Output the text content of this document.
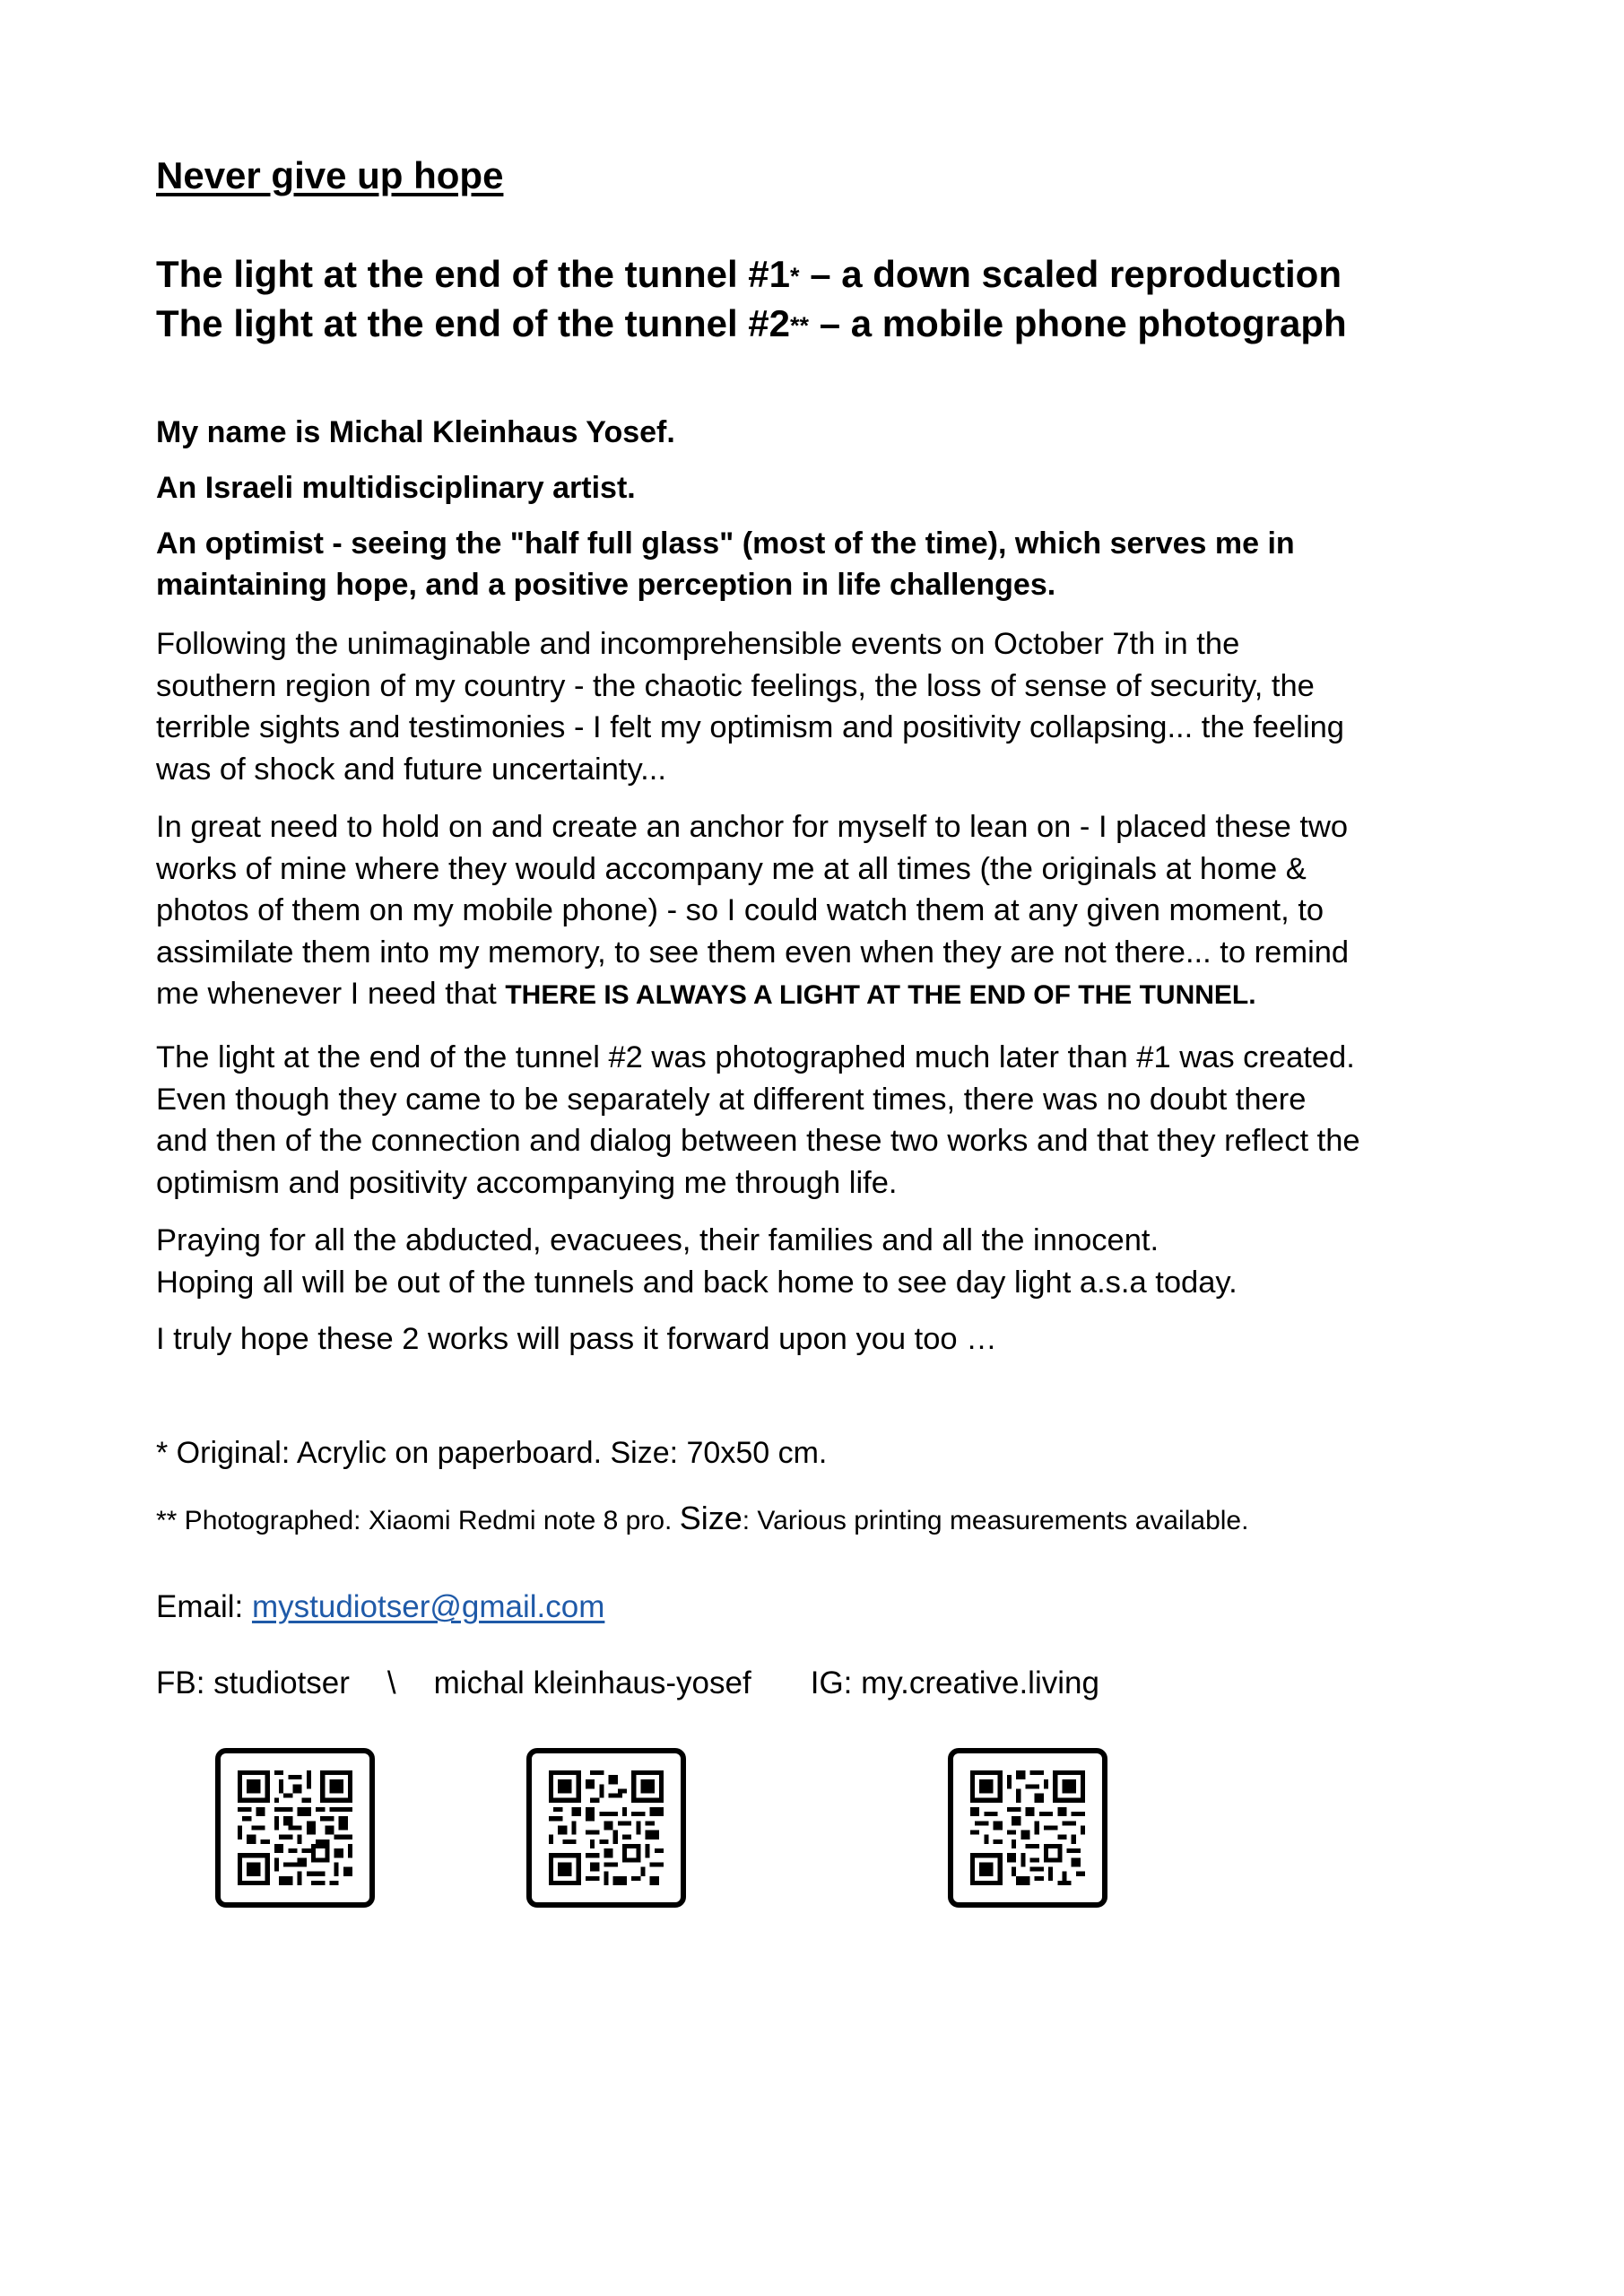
Never give up hope

The light at the end of the tunnel #1* – a down scaled reproduction

The light at the end of the tunnel #2** – a mobile phone photograph

My name is Michal Kleinhaus Yosef.

An Israeli multidisciplinary artist.

An optimist - seeing the "half full glass" (most of the time), which serves me in
maintaining hope, and a positive perception in life challenges.

Following the unimaginable and incomprehensible events on October 7th in the
southern region of my country - the chaotic feelings, the loss of sense of security, the
terrible sights and testimonies - I felt my optimism and positivity collapsing... the feeling
was of shock and future uncertainty...

In great need to hold on and create an anchor for myself to lean on - I placed these two
works of mine where they would accompany me at all times (the originals at home &
photos of them on my mobile phone) - so I could watch them at any given moment, to
assimilate them into my memory, to see them even when they are not there... to remind
me whenever I need that THERE IS ALWAYS A LIGHT AT THE END OF THE TUNNEL.

The light at the end of the tunnel #2 was photographed much later than #1 was created.
Even though they came to be separately at different times, there was no doubt there
and then of the connection and dialog between these two works and that they reflect the
optimism and positivity accompanying me through life.

Praying for all the abducted, evacuees, their families and all the innocent.
Hoping all will be out of the tunnels and back home to see day light a.s.a today.

I truly hope these 2 works will pass it forward upon you too …

* Original: Acrylic on paperboard. Size: 70x50 cm.

** Photographed: Xiaomi Redmi note 8 pro. Size: Various printing measurements available.

Email: mystudiotser@gmail.com

FB: studiotser \ michal kleinhaus-yosef IG: my.creative.living
